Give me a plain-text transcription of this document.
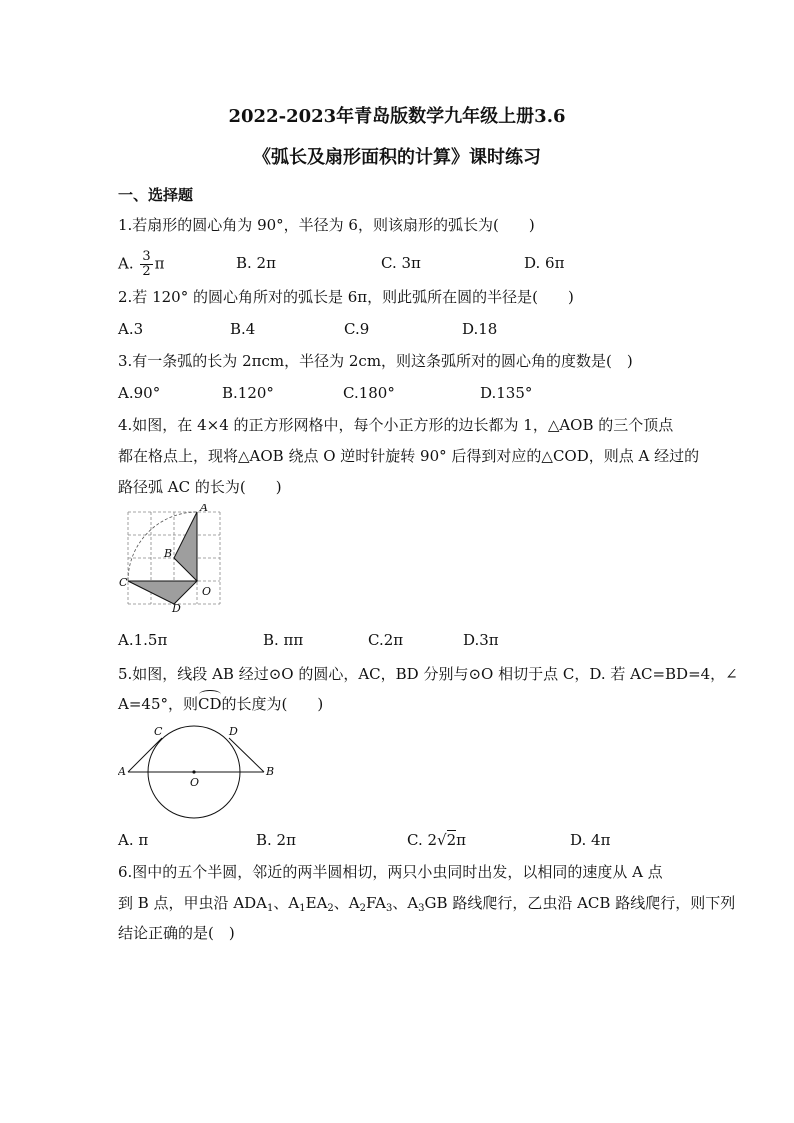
2022-2023年青岛版数学九年级上册3.6
《弧长及扇形面积的计算》课时练习
一、选择题
1.若扇形的圆心角为 90°，半径为 6，则该扇形的弧长为(　　)
A. $\frac{3}{2}$ π	B. 2π	C. 3π	D. 6π
2.若 120° 的圆心角所对的弧长是 6π，则此弧所在圆的半径是(　　)
A.3	B.4	C.9	D.18
3.有一条弧的长为 2πcm，半径为 2cm，则这条弧所对的圆心角的度数是(　)
A.90°	B.120°	C.180°	D.135°
4.如图，在 4×4 的正方形网格中，每个小正方形的边长都为 1，△AOB 的三个顶点
都在格点上，现将△AOB 绕点 O 逆时针旋转 90° 后得到对应的△COD，则点 A 经过的
路径弧 AC 的长为(　　)
A
B
C
D
O
A.1.5π	B. ππ	C.2π	D.3π
5.如图，线段 AB 经过⊙O 的圆心，AC，BD 分别与⊙O 相切于点 C，D. 若 AC=BD=4，∠
A=45°，则CD的长度为(　　)
A	B
C	D
O
A. π	B. 2π	C. 2√2π	D. 4π
6.图中的五个半圆，邻近的两半圆相切，两只小虫同时出发，以相同的速度从 A 点
到 B 点，甲虫沿 $ADA_1$、$A_1EA_2$、$A_2FA_3$、$A_3GB$ 路线爬行，乙虫沿 ACB 路线爬行，则下列
结论正确的是(　)
